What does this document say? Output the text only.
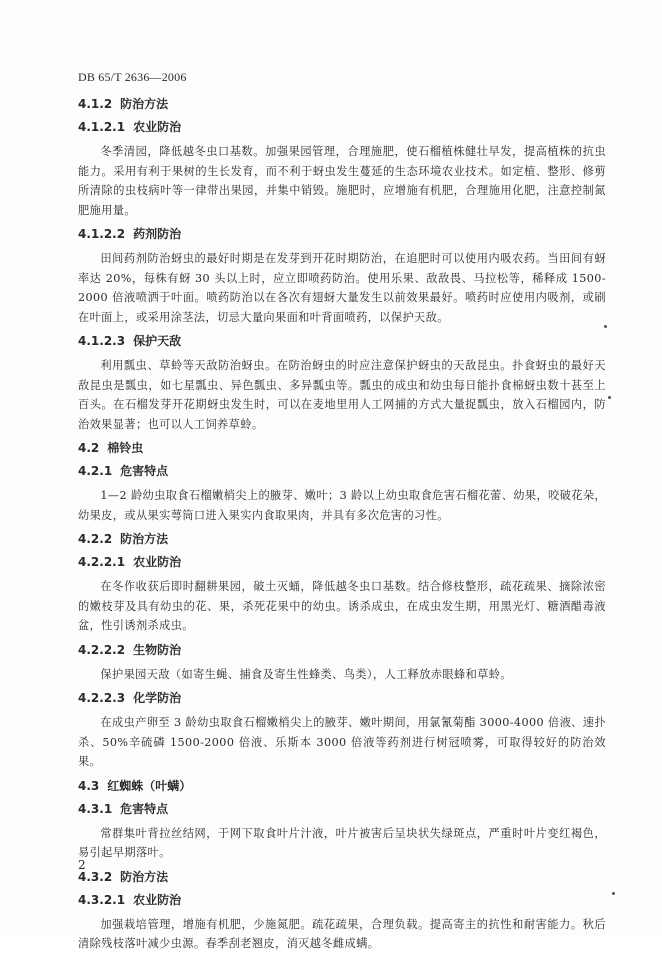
DB 65/T 2636—2006
4.1.2 防治方法
4.1.2.1 农业防治
冬季清园，降低越冬虫口基数。加强果园管理，合理施肥，使石榴植株健壮早发，提高植株的抗虫能力。采用有利于果树的生长发育，而不利于蚜虫发生蔓延的生态环境农业技术。如定植、整形、修剪所清除的虫枝病叶等一律带出果园，并集中销毁。施肥时，应增施有机肥，合理施用化肥，注意控制氮肥施用量。
4.1.2.2 药剂防治
田间药剂防治蚜虫的最好时期是在发芽到开花时期防治，在追肥时可以使用内吸农药。当田间有蚜率达 20%，每株有蚜 30 头以上时，应立即喷药防治。使用乐果、敌敌畏、马拉松等，稀释成 1500-2000 倍液喷洒于叶面。喷药防治以在各次有翅蚜大量发生以前效果最好。喷药时应使用内吸剂，或刷在叶面上，或采用涂茎法，切忌大量向果面和叶背面喷药，以保护天敌。
4.1.2.3 保护天敌
利用瓢虫、草蛉等天敌防治蚜虫。在防治蚜虫的时应注意保护蚜虫的天敌昆虫。扑食蚜虫的最好天敌昆虫是瓢虫，如七星瓢虫、异色瓢虫、多异瓢虫等。瓢虫的成虫和幼虫每日能扑食棉蚜虫数十甚至上百头。在石榴发芽开花期蚜虫发生时，可以在麦地里用人工网捕的方式大量捉瓢虫，放入石榴园内，防治效果显著；也可以人工饲养草蛉。
4.2 棉铃虫
4.2.1 危害特点
1—2 龄幼虫取食石榴嫩梢尖上的腋芽、嫩叶；3 龄以上幼虫取食危害石榴花蕾、幼果，咬破花朵，幼果皮，或从果实萼筒口进入果实内食取果肉，并具有多次危害的习性。
4.2.2 防治方法
4.2.2.1 农业防治
在冬作收获后即时翻耕果园，破土灭蛹，降低越冬虫口基数。结合修枝整形，疏花疏果、摘除浓密的嫩枝芽及具有幼虫的花、果，杀死花果中的幼虫。诱杀成虫，在成虫发生期，用黑光灯、糖酒醋毒液盆，性引诱剂杀成虫。
4.2.2.2 生物防治
保护果园天敌（如寄生蝇、捕食及寄生性蜂类、鸟类），人工释放赤眼蜂和草蛉。
4.2.2.3 化学防治
在成虫产卵至 3 龄幼虫取食石榴嫩梢尖上的腋芽、嫩叶期间，用氯氰菊酯 3000-4000 倍液、速扑杀、50%辛硫磷 1500-2000 倍液、乐斯本 3000 倍液等药剂进行树冠喷雾，可取得较好的防治效果。
4.3 红蜘蛛（叶螨）
4.3.1 危害特点
常群集叶背拉丝结网，于网下取食叶片汁液，叶片被害后呈块状失绿斑点，严重时叶片变红褐色，易引起早期落叶。
4.3.2 防治方法
4.3.2.1 农业防治
加强栽培管理，增施有机肥，少施氮肥。疏花疏果，合理负载。提高寄主的抗性和耐害能力。秋后清除残枝落叶减少虫源。春季刮老翘皮，消灭越冬雌成螨。
2
